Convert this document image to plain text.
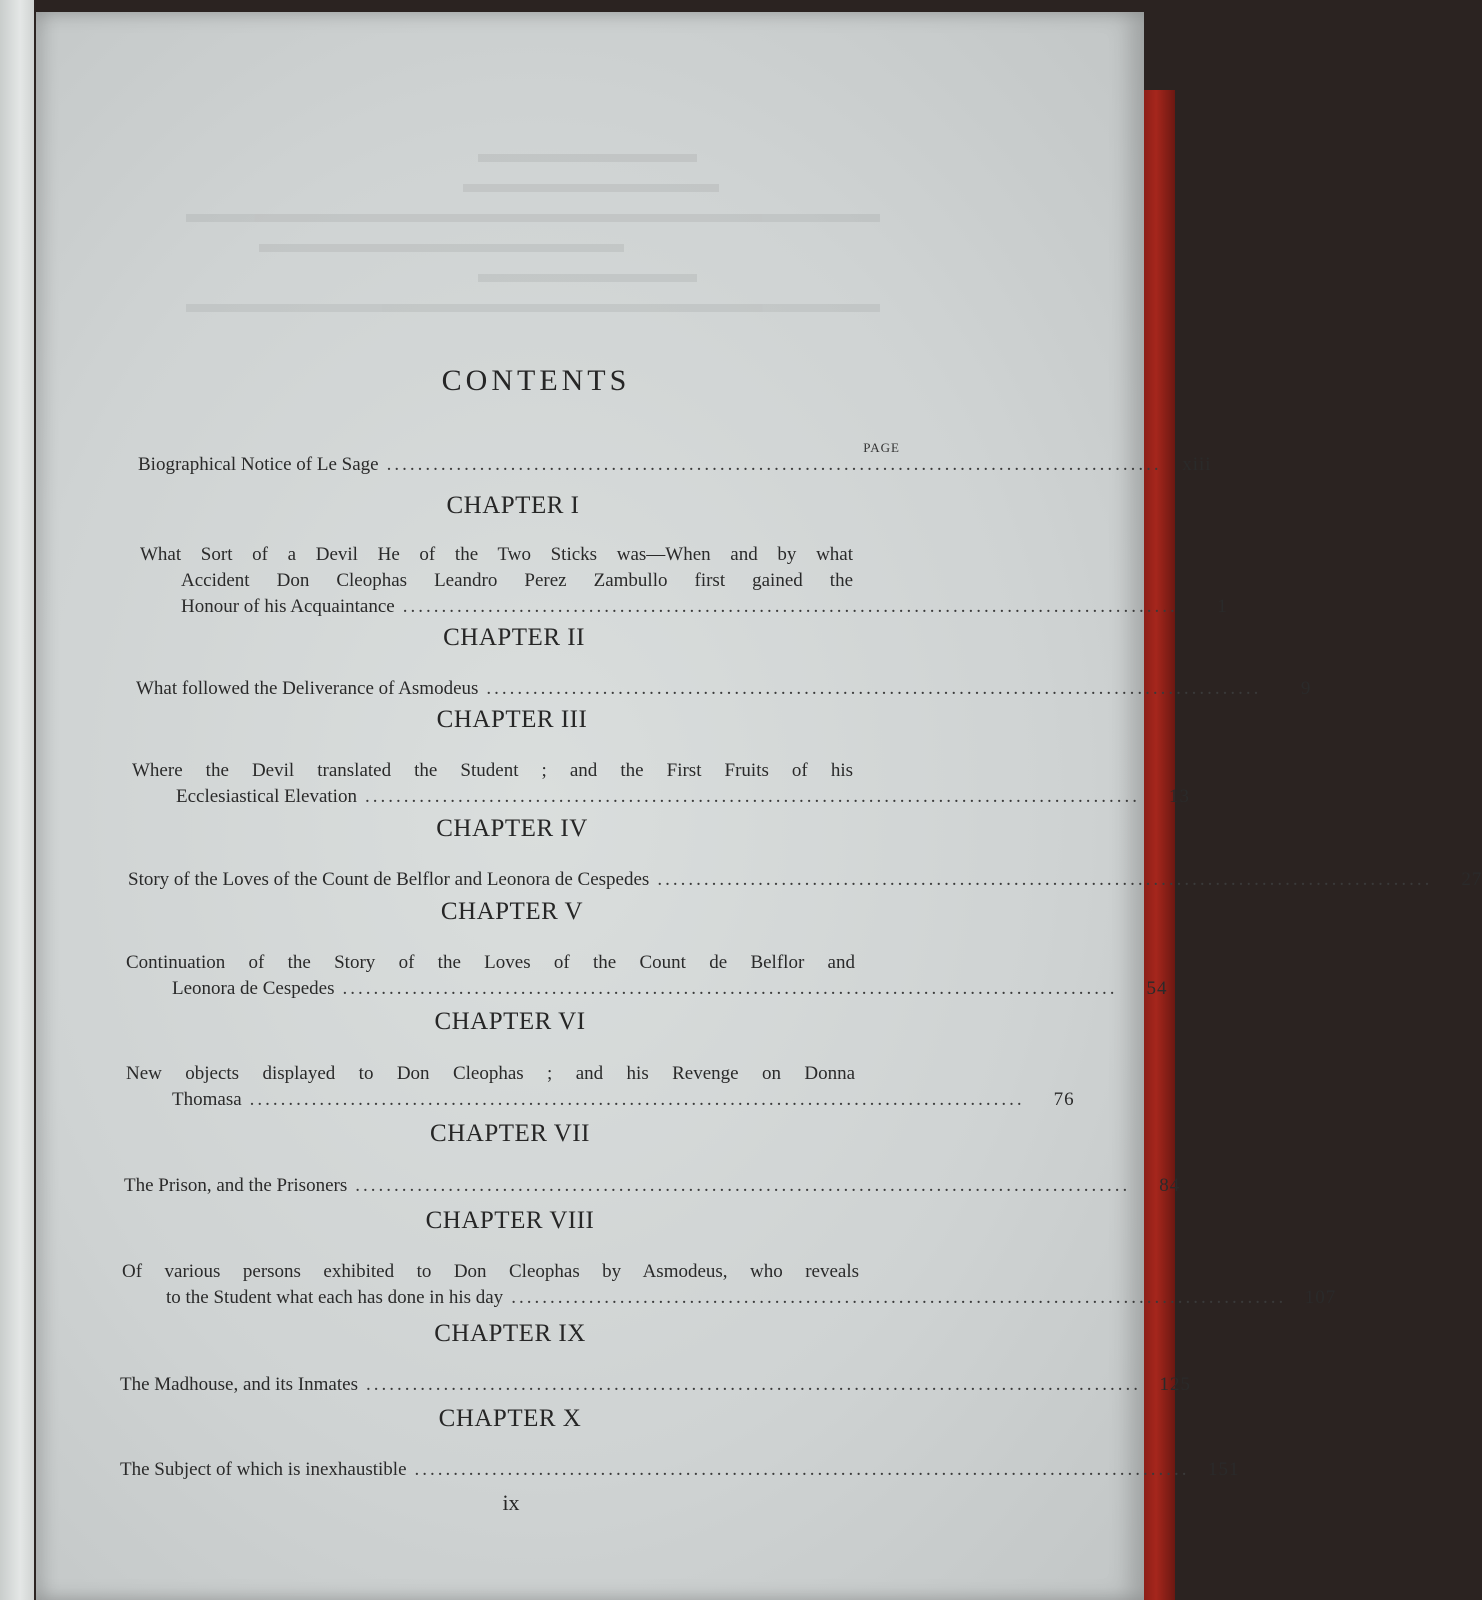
CONTENTS
PAGE
Biographical Notice of Le Sage ....................................................................................................	xiii
CHAPTER I
What Sort of a Devil He of the Two Sticks was—When and by what
Accident Don Cleophas Leandro Perez Zambullo first gained the
Honour of his Acquaintance ....................................................................................................	1
CHAPTER II
What followed the Deliverance of Asmodeus ....................................................................................................	9
CHAPTER III
Where the Devil translated the Student ; and the First Fruits of his
Ecclesiastical Elevation ....................................................................................................	13
CHAPTER IV
Story of the Loves of the Count de Belflor and Leonora de Cespedes ....................................................................................................	27
CHAPTER V
Continuation of the Story of the Loves of the Count de Belflor and
Leonora de Cespedes ....................................................................................................	54
CHAPTER VI
New objects displayed to Don Cleophas ; and his Revenge on Donna
Thomasa ....................................................................................................	76
CHAPTER VII
The Prison, and the Prisoners ....................................................................................................	84
CHAPTER VIII
Of various persons exhibited to Don Cleophas by Asmodeus, who reveals
to the Student what each has done in his day .................................................................................................... 107
CHAPTER IX
The Madhouse, and its Inmates .................................................................................................... 125
CHAPTER X
The Subject of which is inexhaustible .................................................................................................... 151
ix
